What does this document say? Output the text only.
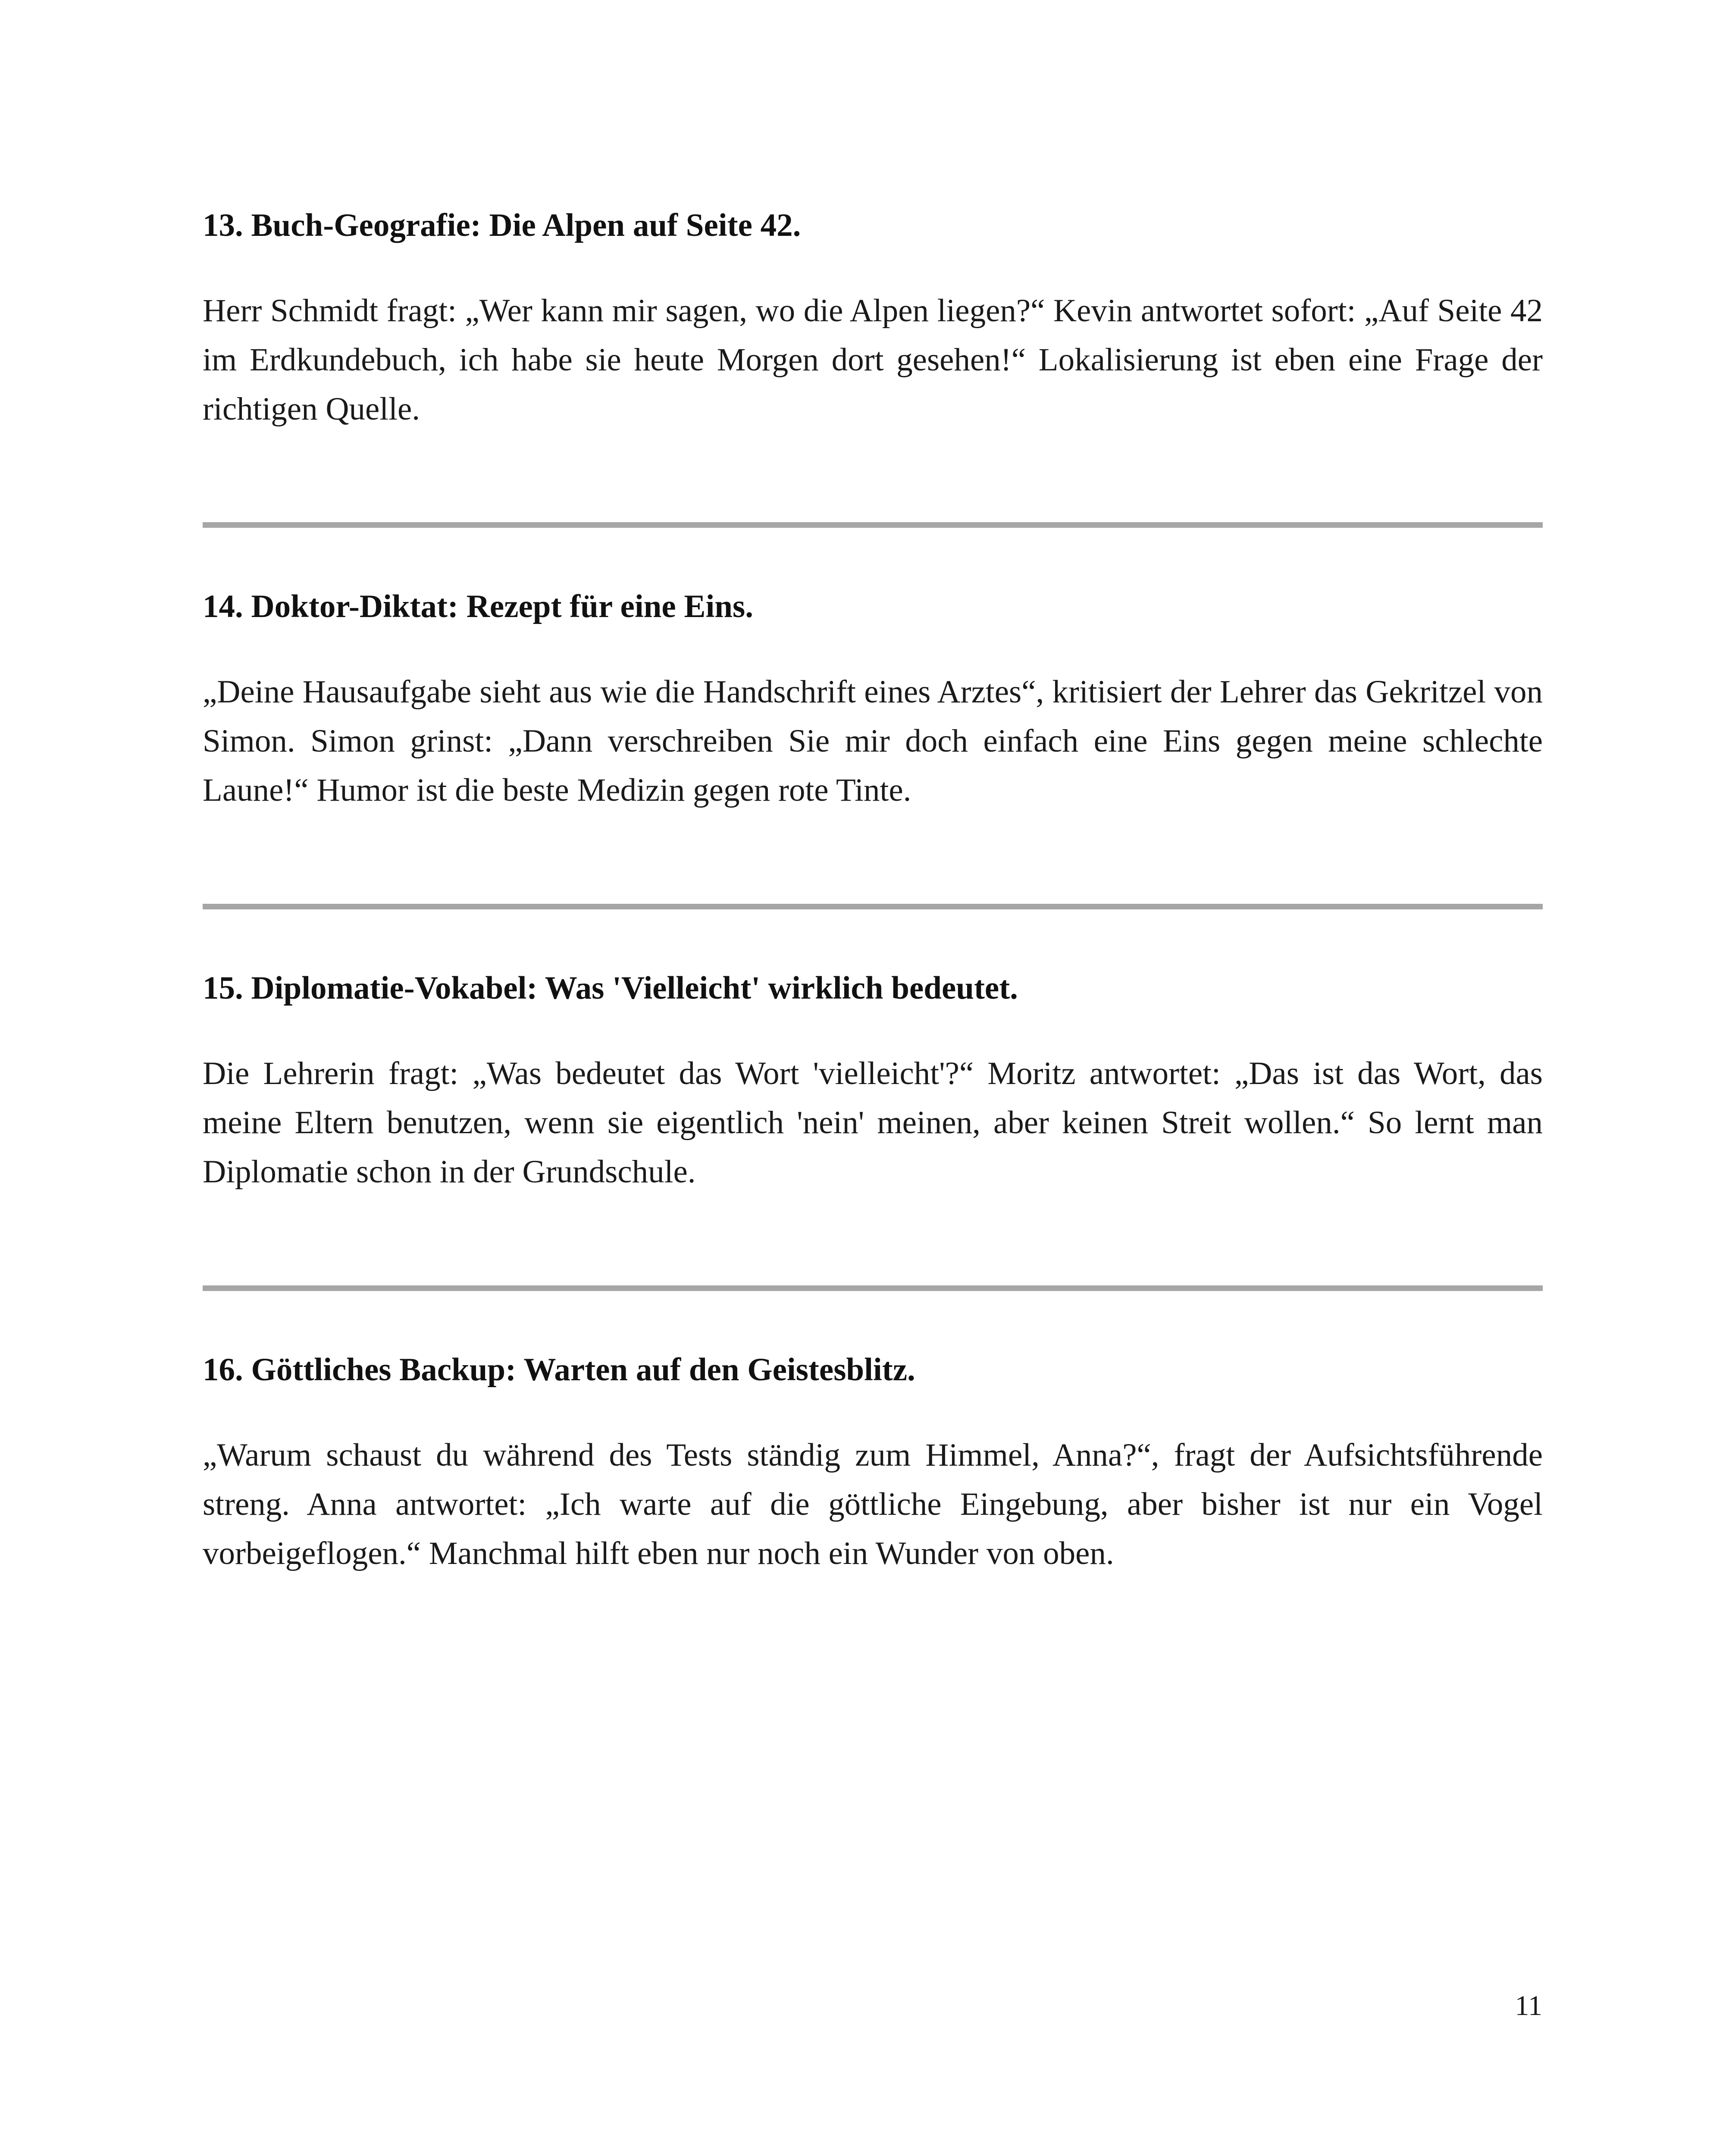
13. Buch-Geografie: Die Alpen auf Seite 42.

Herr Schmidt fragt: „Wer kann mir sagen, wo die Alpen liegen?“ Kevin antwortet sofort: „Auf Seite 42 im Erdkundebuch, ich habe sie heute Morgen dort gesehen!“ Lokalisierung ist eben eine Frage der richtigen Quelle.

14. Doktor-Diktat: Rezept für eine Eins.

„Deine Hausaufgabe sieht aus wie die Handschrift eines Arztes“, kritisiert der Lehrer das Gekritzel von Simon. Simon grinst: „Dann verschreiben Sie mir doch einfach eine Eins gegen meine schlechte Laune!“ Humor ist die beste Medizin gegen rote Tinte.

15. Diplomatie-Vokabel: Was 'Vielleicht' wirklich bedeutet.

Die Lehrerin fragt: „Was bedeutet das Wort 'vielleicht'?“ Moritz antwortet: „Das ist das Wort, das meine Eltern benutzen, wenn sie eigentlich 'nein' meinen, aber keinen Streit wollen.“ So lernt man Diplomatie schon in der Grundschule.

16. Göttliches Backup: Warten auf den Geistesblitz.

„Warum schaust du während des Tests ständig zum Himmel, Anna?“, fragt der Aufsichtsführende streng. Anna antwortet: „Ich warte auf die göttliche Eingebung, aber bisher ist nur ein Vogel vorbeigeflogen.“ Manchmal hilft eben nur noch ein Wunder von oben.

11
